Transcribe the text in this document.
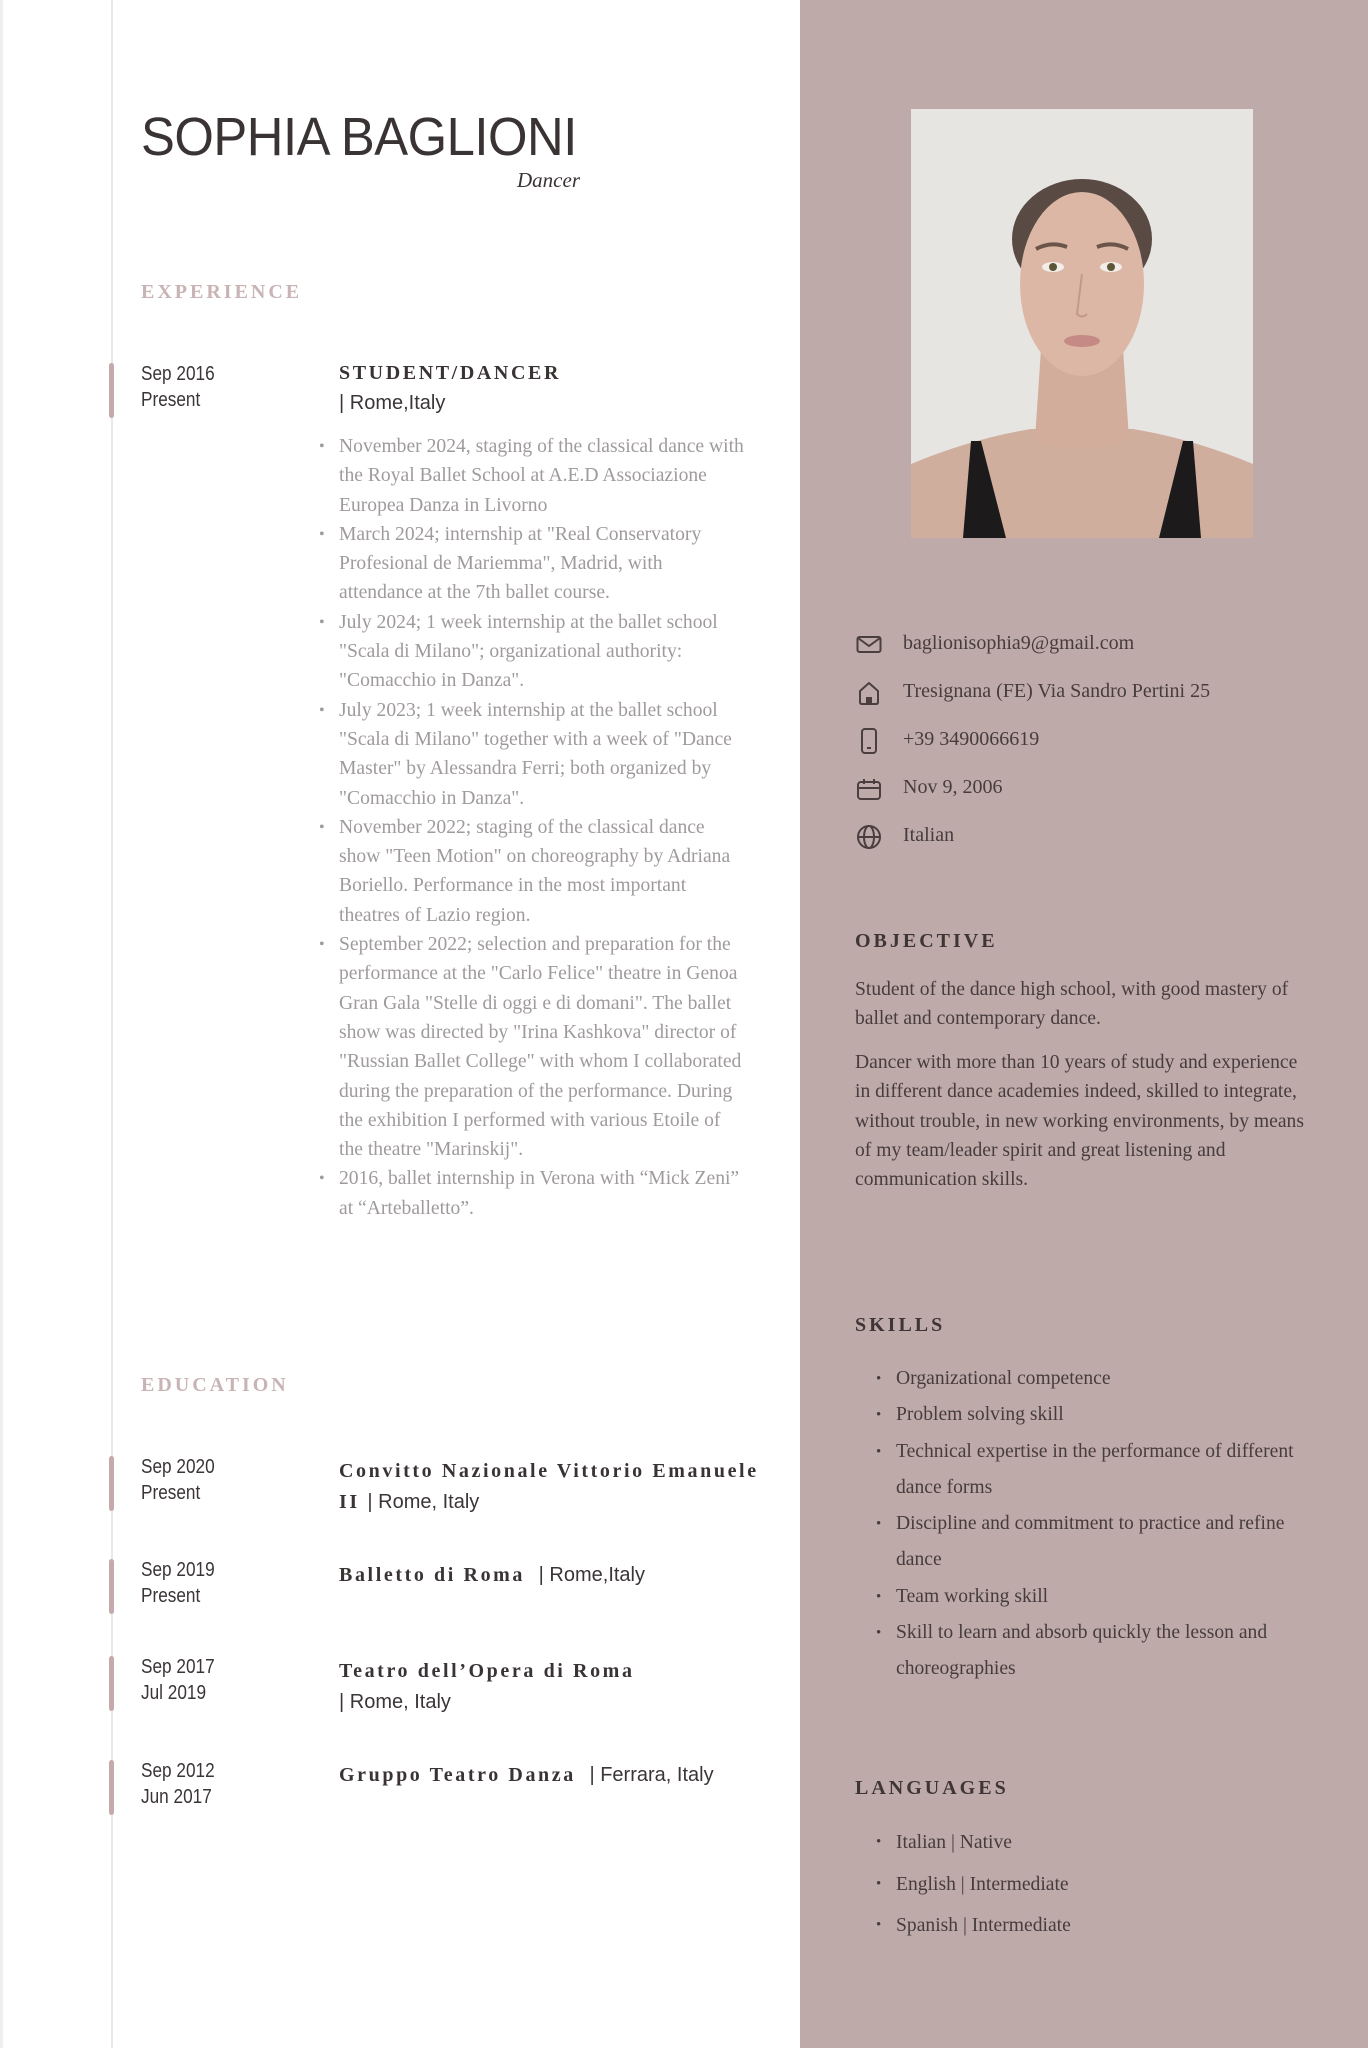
SOPHIA BAGLIONI
Dancer
EXPERIENCE
Sep 2016
Present
STUDENT/DANCER
| Rome,Italy
• November 2024, staging of the classical dance with the Royal Ballet School at A.E.D Associazione Europea Danza in Livorno
• March 2024; internship at "Real Conservatory Profesional de Mariemma", Madrid, with attendance at the 7th ballet course.
• July 2024; 1 week internship at the ballet school "Scala di Milano"; organizational authority: "Comacchio in Danza".
• July 2023; 1 week internship at the ballet school "Scala di Milano" together with a week of "Dance Master" by Alessandra Ferri; both organized by "Comacchio in Danza".
• November 2022; staging of the classical dance show "Teen Motion" on choreography by Adriana Boriello. Performance in the most important theatres of Lazio region.
• September 2022; selection and preparation for the performance at the "Carlo Felice" theatre in Genoa Gran Gala "Stelle di oggi e di domani". The ballet show was directed by "Irina Kashkova" director of "Russian Ballet College" with whom I collaborated during the preparation of the performance. During the exhibition I performed with various Etoile of the theatre "Marinskij".
• 2016, ballet internship in Verona with “Mick Zeni” at “Arteballetto”.
EDUCATION
Sep 2020
Present
Convitto Nazionale Vittorio Emanuele II | Rome, Italy
Sep 2019
Present
Balletto di Roma | Rome,Italy
Sep 2017
Jul 2019
Teatro dell’Opera di Roma
| Rome, Italy
Sep 2012
Jun 2017
Gruppo Teatro Danza | Ferrara, Italy
baglionisophia9@gmail.com
Tresignana (FE) Via Sandro Pertini 25
+39 3490066619
Nov 9, 2006
Italian
OBJECTIVE

Student of the dance high school, with good mastery of ballet and contemporary dance.

Dancer with more than 10 years of study and experience in different dance academies indeed, skilled to integrate, without trouble, in new working environments, by means of my team/leader spirit and great listening and communication skills.

SKILLS
• Organizational competence
• Problem solving skill
• Technical expertise in the performance of different dance forms
• Discipline and commitment to practice and refine dance
• Team working skill
• Skill to learn and absorb quickly the lesson and choreographies
LANGUAGES
• Italian | Native
• English | Intermediate
• Spanish | Intermediate
